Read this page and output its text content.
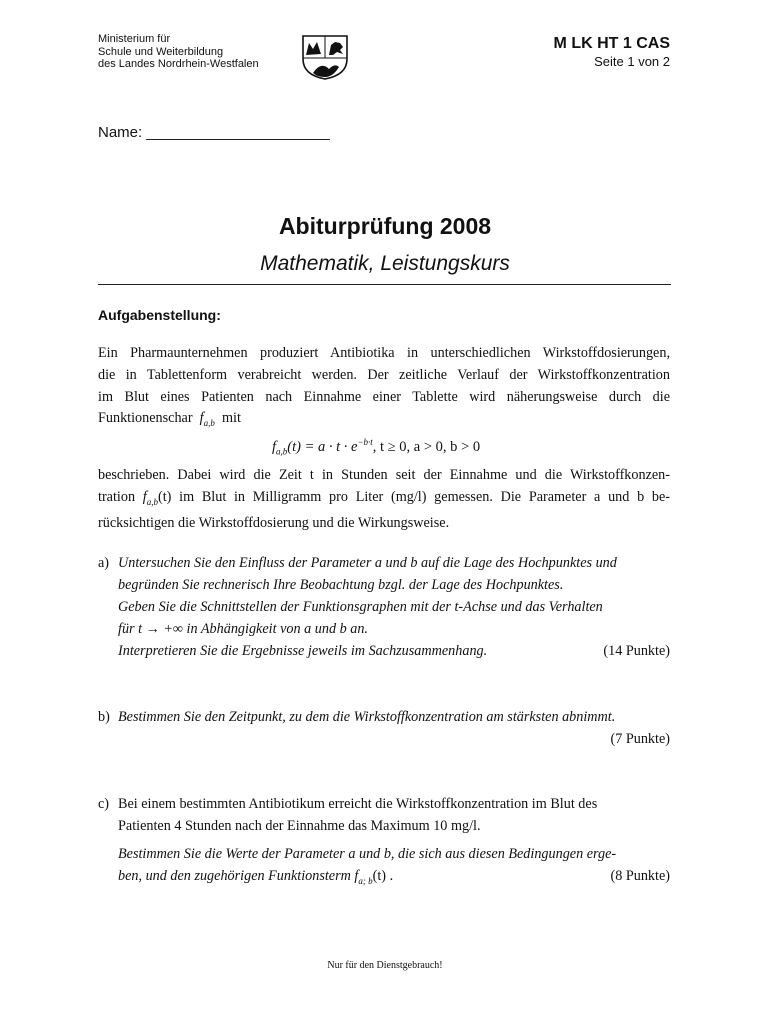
Ministerium für
Schule und Weiterbildung
des Landes Nordrhein-Westfalen
M LK HT 1 CAS
Seite 1 von 2
Name: ______________________
Abiturprüfung 2008
Mathematik, Leistungskurs
Aufgabenstellung:

Ein Pharmaunternehmen produziert Antibiotika in unterschiedlichen Wirkstoffdosierungen,

die in Tablettenform verabreicht werden. Der zeitliche Verlauf der Wirkstoffkonzentration

im Blut eines Patienten nach Einnahme einer Tablette wird näherungsweise durch die

Funktionenschar $f_{a,b}$ mit

$f_{a,b}(t) = a \cdot t \cdot e^{-b\cdot t}$, t ≥ 0, a > 0, b > 0

beschrieben. Dabei wird die Zeit t in Stunden seit der Einnahme und die Wirkstoffkonzen-

tration $f_{a,b}(t)$ im Blut in Milligramm pro Liter (mg/l) gemessen. Die Parameter a und b be-

rücksichtigen die Wirkstoffdosierung und die Wirkungsweise.

a) Untersuchen Sie den Einfluss der Parameter a und b auf die Lage des Hochpunktes und
begründen Sie rechnerisch Ihre Beobachtung bzgl. der Lage des Hochpunktes.
Geben Sie die Schnittstellen der Funktionsgraphen mit der t-Achse und das Verhalten
für t → +∞ in Abhängigkeit von a und b an.
Interpretieren Sie die Ergebnisse jeweils im Sachzusammenhang.	(14 Punkte)
b) Bestimmen Sie den Zeitpunkt, zu dem die Wirkstoffkonzentration am stärksten abnimmt.
(7 Punkte)
c) Bei einem bestimmten Antibiotikum erreicht die Wirkstoffkonzentration im Blut des
Patienten 4 Stunden nach der Einnahme das Maximum 10 mg/l.
Bestimmen Sie die Werte der Parameter a und b, die sich aus diesen Bedingungen erge-
ben, und den zugehörigen Funktionsterm $f_{a; b}(t)$ .	(8 Punkte)
Nur für den Dienstgebrauch!
